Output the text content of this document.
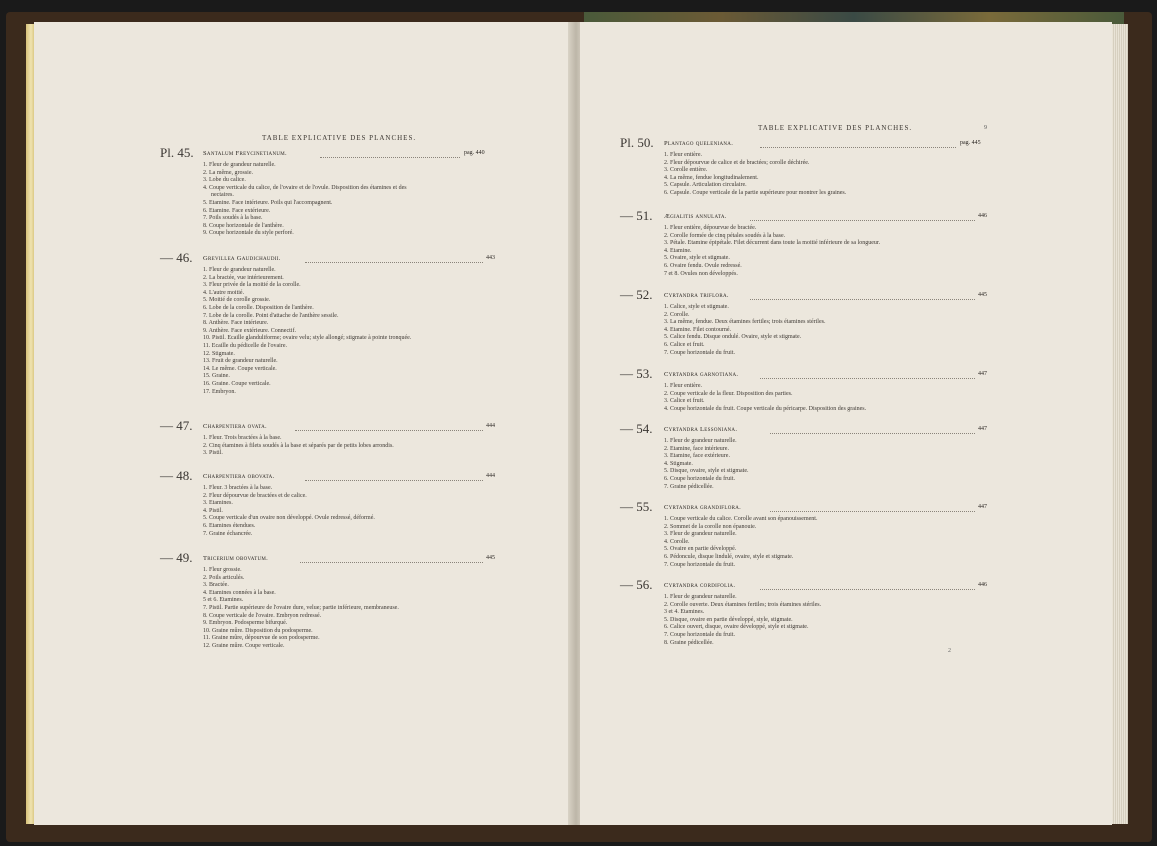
TABLE EXPLICATIVE DES PLANCHES.
Pl. 45. Santalum Freycinetianum.	pag. 440
1. Fleur de grandeur naturelle.
2. La même, grossie.
3. Lobe du calice.
4. Coupe verticale du calice, de l'ovaire et de l'ovule. Disposition des étamines et des
nectaires.
5. Etamine. Face intérieure. Poils qui l'accompagnent.
6. Etamine. Face extérieure.
7. Poils soudés à la base.
8. Coupe horizontale de l'anthère.
9. Coupe horizontale du style perforé.
— 46. Grevillea Gaudichaudii.	443
1. Fleur de grandeur naturelle.
2. La bractée, vue intérieurement.
3. Fleur privée de la moitié de la corolle.
4. L'autre moitié.
5. Moitié de corolle grossie.
6. Lobe de la corolle. Disposition de l'anthère.
7. Lobe de la corolle. Point d'attache de l'anthère sessile.
8. Anthère. Face intérieure.
9. Anthère. Face extérieure. Connectif.
10. Pistil. Ecaille glanduliforme; ovaire velu; style allongé; stigmate à pointe tronquée.
11. Ecaille du pédicelle de l'ovaire.
12. Stigmate.
13. Fruit de grandeur naturelle.
14. Le même. Coupe verticale.
15. Graine.
16. Graine. Coupe verticale.
17. Embryon.
— 47. Charpentiera ovata.	444
1. Fleur. Trois bractées à la base.
2. Cinq étamines à filets soudés à la base et séparés par de petits lobes arrondis.
3. Pistil.
— 48. Charpentiera obovata.	444
1. Fleur. 3 bractées à la base.
2. Fleur dépourvue de bractées et de calice.
3. Etamines.
4. Pistil.
5. Coupe verticale d'un ovaire non développé. Ovule redressé, déformé.
6. Etamines étendues.
7. Graine échancrée.
— 49. Tricerium obovatum.	445
1. Fleur grossie.
2. Poils articulés.
3. Bractée.
4. Etamines connées à la base.
5 et 6. Etamines.
7. Pistil. Partie supérieure de l'ovaire dure, velue; partie inférieure, membraneuse.
8. Coupe verticale de l'ovaire. Embryon redressé.
9. Embryon. Podosperme bifurqué.
10. Graine mûre. Disposition du podosperme.
11. Graine mûre, dépourvue de son podosperme.
12. Graine mûre. Coupe verticale.
TABLE EXPLICATIVE DES PLANCHES.	9
Pl. 50. Plantago queleniana.	pag. 445
1. Fleur entière.
2. Fleur dépourvue de calice et de bractées; corolle déchirée.
3. Corolle entière.
4. La même, fendue longitudinalement.
5. Capsule. Articulation circulaire.
6. Capsule. Coupe verticale de la partie supérieure pour montrer les graines.
— 51. Ægialitis annulata.	446
1. Fleur entière, dépourvue de bractée.
2. Corolle formée de cinq pétales soudés à la base.
3. Pétale. Etamine épipétale. Filet décurrent dans toute la moitié inférieure de sa longueur.
4. Etamine.
5. Ovaire, style et stigmate.
6. Ovaire fendu. Ovule redressé.
7 et 8. Ovules non développés.
— 52. Cyrtandra triflora.	445
1. Calice, style et stigmate.
2. Corolle.
3. La même, fendue. Deux étamines fertiles; trois étamines stériles.
4. Etamine. Filet contourné.
5. Calice fendu. Disque ondulé. Ovaire, style et stigmate.
6. Calice et fruit.
7. Coupe horizontale du fruit.
— 53. Cyrtandra garnotiana.	447
1. Fleur entière.
2. Coupe verticale de la fleur. Disposition des parties.
3. Calice et fruit.
4. Coupe horizontale du fruit. Coupe verticale du péricarpe. Disposition des graines.
— 54. Cyrtandra Lessoniana.	447
1. Fleur de grandeur naturelle.
2. Etamine, face intérieure.
3. Etamine, face extérieure.
4. Stigmate.
5. Disque, ovaire, style et stigmate.
6. Coupe horizontale du fruit.
7. Graine pédicellée.
— 55. Cyrtandra grandiflora.	447
1. Coupe verticale du calice. Corolle avant son épanouissement.
2. Sommet de la corolle non épanouie.
3. Fleur de grandeur naturelle.
4. Corolle.
5. Ovaire en partie développé.
6. Pédoncule, disque lindulé, ovaire, style et stigmate.
7. Coupe horizontale du fruit.
— 56. Cyrtandra cordifolia.	446
1. Fleur de grandeur naturelle.
2. Corolle ouverte. Deux étamines fertiles; trois étamines stériles.
3 et 4. Etamines.
5. Disque, ovaire en partie développé, style, stigmate.
6. Calice ouvert, disque, ovaire développé, style et stigmate.
7. Coupe horizontale du fruit.
8. Graine pédicellée.
2
